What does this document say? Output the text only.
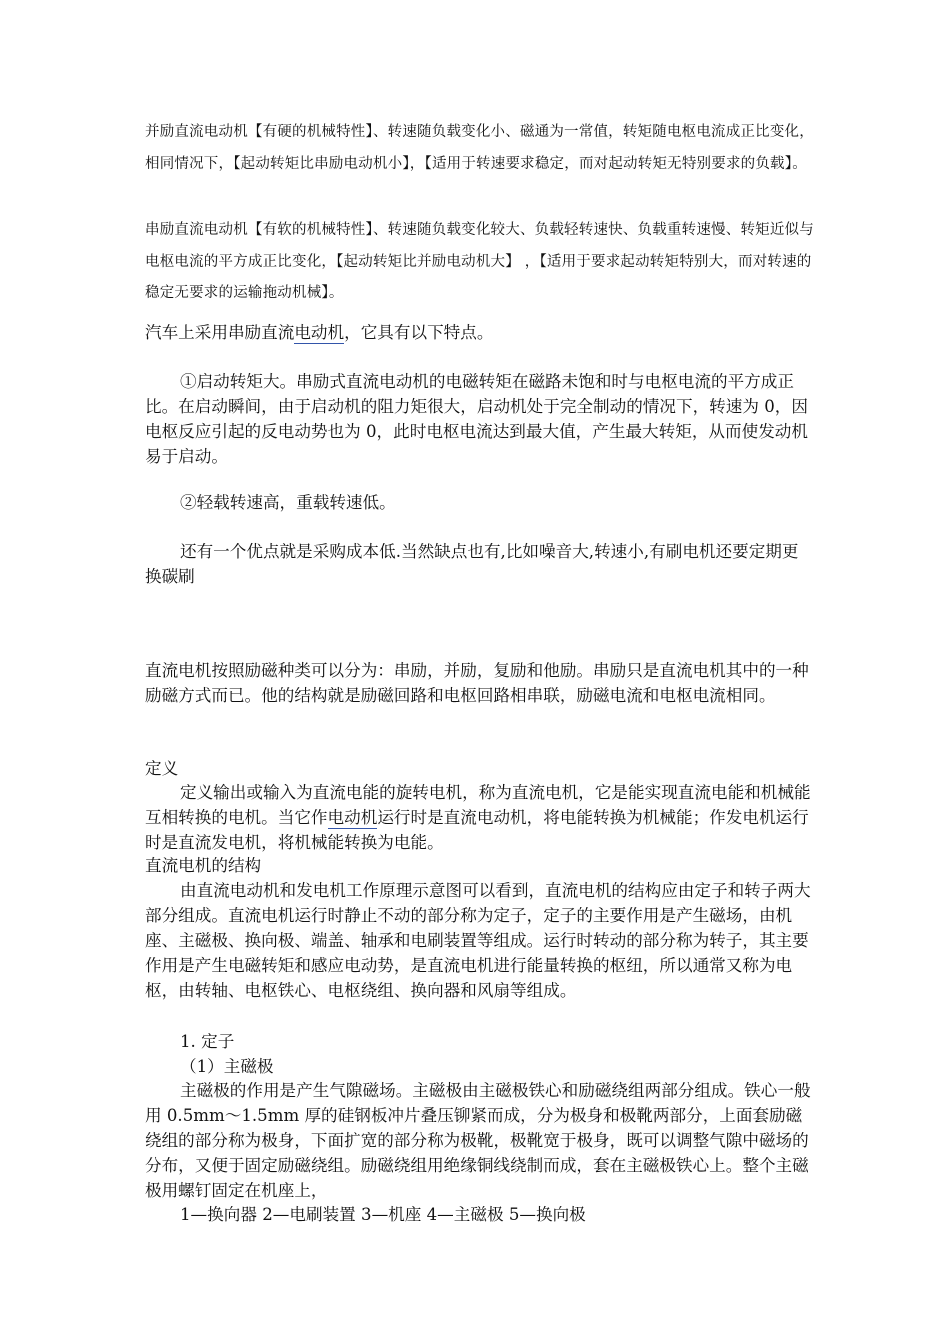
并励直流电动机【有硬的机械特性】、转速随负载变化小、磁通为一常值，转矩随电枢电流成正比变化，相同情况下，【起动转矩比串励电动机小】，【适用于转速要求稳定，而对起动转矩无特别要求的负载】。

串励直流电动机【有软的机械特性】、转速随负载变化较大、负载轻转速快、负载重转速慢、转矩近似与电枢电流的平方成正比变化，【起动转矩比并励电动机大】 ，【适用于要求起动转矩特别大，而对转速的稳定无要求的运输拖动机械】。

汽车上采用串励直流电动机，它具有以下特点。

①启动转矩大。串励式直流电动机的电磁转矩在磁路未饱和时与电枢电流的平方成正比。在启动瞬间，由于启动机的阻力矩很大，启动机处于完全制动的情况下，转速为 0，因电枢反应引起的反电动势也为 0，此时电枢电流达到最大值，产生最大转矩，从而使发动机易于启动。

②轻载转速高，重载转速低。

还有一个优点就是采购成本低.当然缺点也有,比如噪音大,转速小,有刷电机还要定期更换碳刷

直流电机按照励磁种类可以分为：串励，并励，复励和他励。串励只是直流电机其中的一种励磁方式而已。他的结构就是励磁回路和电枢回路相串联，励磁电流和电枢电流相同。

定义

定义输出或输入为直流电能的旋转电机，称为直流电机，它是能实现直流电能和机械能互相转换的电机。当它作电动机运行时是直流电动机，将电能转换为机械能；作发电机运行时是直流发电机，将机械能转换为电能。

直流电机的结构

由直流电动机和发电机工作原理示意图可以看到，直流电机的结构应由定子和转子两大部分组成。直流电机运行时静止不动的部分称为定子，定子的主要作用是产生磁场，由机座、主磁极、换向极、端盖、轴承和电刷装置等组成。运行时转动的部分称为转子，其主要作用是产生电磁转矩和感应电动势，是直流电机进行能量转换的枢纽，所以通常又称为电枢，由转轴、电枢铁心、电枢绕组、换向器和风扇等组成。

1. 定子

（1）主磁极

主磁极的作用是产生气隙磁场。主磁极由主磁极铁心和励磁绕组两部分组成。铁心一般用 0.5mm～1.5mm 厚的硅钢板冲片叠压铆紧而成，分为极身和极靴两部分，上面套励磁绕组的部分称为极身，下面扩宽的部分称为极靴，极靴宽于极身，既可以调整气隙中磁场的分布，又便于固定励磁绕组。励磁绕组用绝缘铜线绕制而成，套在主磁极铁心上。整个主磁极用螺钉固定在机座上，

1—换向器 2—电刷装置 3—机座 4—主磁极 5—换向极
